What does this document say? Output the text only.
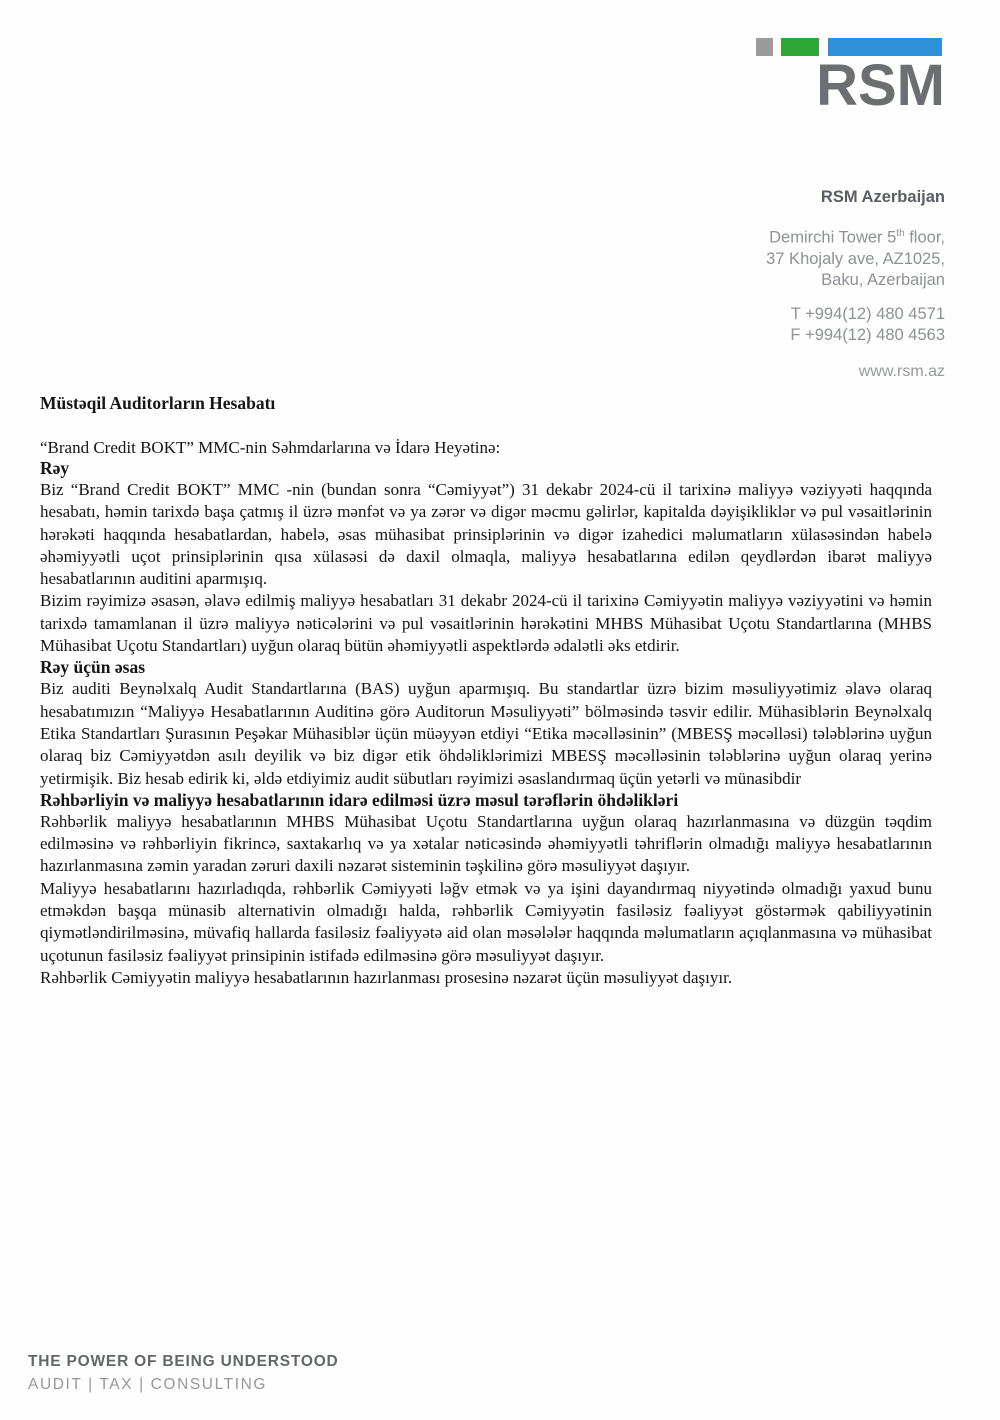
RSM
RSM Azerbaijan
Demirchi Tower 5th floor,
37 Khojaly ave, AZ1025,
Baku, Azerbaijan
T +994(12) 480 4571
F +994(12) 480 4563
www.rsm.az
Müstəqil Auditorların Hesabatı
“Brand Credit BOKT” MMC-nin Səhmdarlarına və İdarə Heyətinə:
Rəy

Biz “Brand Credit BOKT” MMC -nin (bundan sonra “Cəmiyyət”) 31 dekabr 2024-cü il tarixinə maliyyə vəziyyəti haqqında hesabatı, həmin tarixdə başa çatmış il üzrə mənfət və ya zərər və digər məcmu gəlirlər, kapitalda dəyişikliklər və pul vəsaitlərinin hərəkəti haqqında hesabatlardan, habelə, əsas mühasibat prinsiplərinin və digər izahedici məlumatların xülasəsindən habelə əhəmiyyətli uçot prinsiplərinin qısa xülasəsi də daxil olmaqla, maliyyə hesabatlarına edilən qeydlərdən ibarət maliyyə hesabatlarının auditini aparmışıq.

Bizim rəyimizə əsasən, əlavə edilmiş maliyyə hesabatları 31 dekabr 2024-cü il tarixinə Cəmiyyətin maliyyə vəziyyətini və həmin tarixdə tamamlanan il üzrə maliyyə nəticələrini və pul vəsaitlərinin hərəkətini MHBS Mühasibat Uçotu Standartlarına (MHBS Mühasibat Uçotu Standartları) uyğun olaraq bütün əhəmiyyətli aspektlərdə ədalətli əks etdirir.

Rəy üçün əsas

Biz auditi Beynəlxalq Audit Standartlarına (BAS) uyğun aparmışıq. Bu standartlar üzrə bizim məsuliyyətimiz əlavə olaraq hesabatımızın “Maliyyə Hesabatlarının Auditinə görə Auditorun Məsuliyyəti” bölməsində təsvir edilir. Mühasiblərin Beynəlxalq Etika Standartları Şurasının Peşəkar Mühasiblər üçün müəyyən etdiyi “Etika məcəlləsinin” (MBESŞ məcəlləsi) tələblərinə uyğun olaraq biz Cəmiyyətdən asılı deyilik və biz digər etik öhdəliklərimizi MBESŞ məcəlləsinin tələblərinə uyğun olaraq yerinə yetirmişik. Biz hesab edirik ki, əldə etdiyimiz audit sübutları rəyimizi əsaslandırmaq üçün yetərli və münasibdir

Rəhbərliyin və maliyyə hesabatlarının idarə edilməsi üzrə məsul tərəflərin öhdəlikləri

Rəhbərlik maliyyə hesabatlarının MHBS Mühasibat Uçotu Standartlarına uyğun olaraq hazırlanmasına və düzgün təqdim edilməsinə və rəhbərliyin fikrincə, saxtakarlıq və ya xətalar nəticəsində əhəmiyyətli təhriflərin olmadığı maliyyə hesabatlarının hazırlanmasına zəmin yaradan zəruri daxili nəzarət sisteminin təşkilinə görə məsuliyyət daşıyır.

Maliyyə hesabatlarını hazırladıqda, rəhbərlik Cəmiyyəti ləğv etmək və ya işini dayandırmaq niyyətində olmadığı yaxud bunu etməkdən başqa münasib alternativin olmadığı halda, rəhbərlik Cəmiyyətin fasiləsiz fəaliyyət göstərmək qabiliyyətinin qiymətləndirilməsinə, müvafiq hallarda fasiləsiz fəaliyyətə aid olan məsələlər haqqında məlumatların açıqlanmasına və mühasibat uçotunun fasiləsiz fəaliyyət prinsipinin istifadə edilməsinə görə məsuliyyət daşıyır.

Rəhbərlik Cəmiyyətin maliyyə hesabatlarının hazırlanması prosesinə nəzarət üçün məsuliyyət daşıyır.

THE POWER OF BEING UNDERSTOOD
AUDIT | TAX | CONSULTING
